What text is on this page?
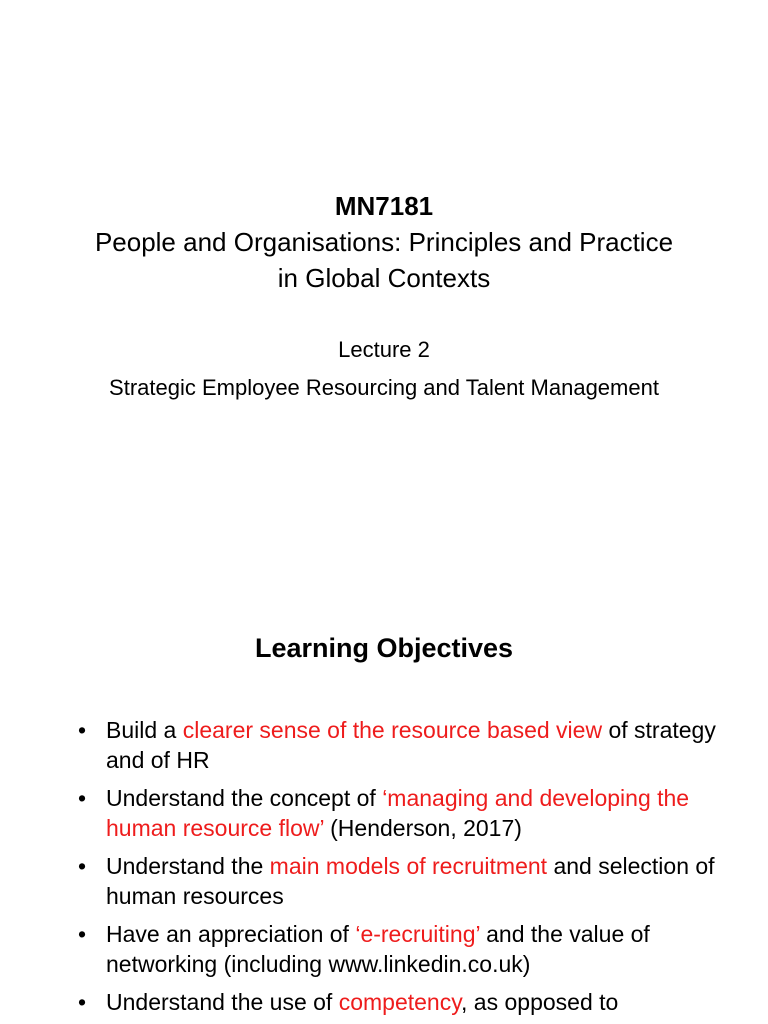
MN7181
People and Organisations: Principles and Practice in Global Contexts
Lecture 2
Strategic Employee Resourcing and Talent Management
Learning Objectives
• Build a clearer sense of the resource based view of strategy and of HR
• Understand the concept of ‘managing and developing the human resource flow’ (Henderson, 2017)
• Understand the main models of recruitment and selection of human resources
• Have an appreciation of ‘e-recruiting’ and the value of networking (including www.linkedin.co.uk)
• Understand the use of competency, as opposed to
